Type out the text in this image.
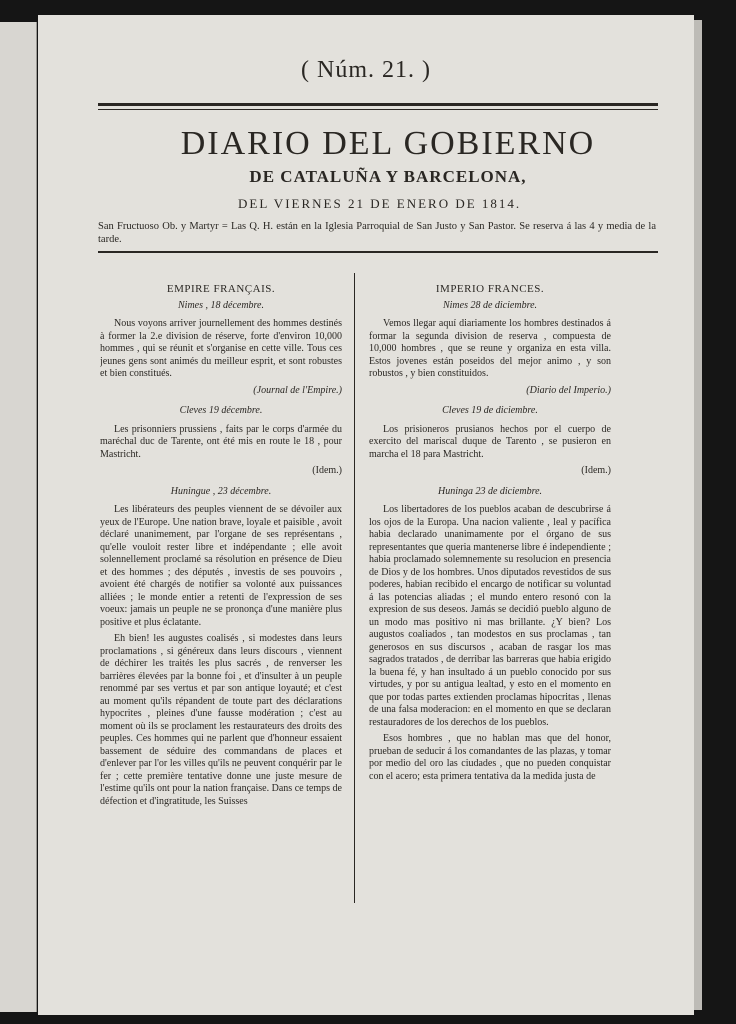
( Núm. 21. )
DIARIO DEL GOBIERNO
DE CATALUÑA Y BARCELONA,
DEL VIERNES 21 DE ENERO DE 1814.
San Fructuoso Ob. y Martyr = Las Q. H. están en la Iglesia Parroquial de San Justo y San Pastor. Se reserva á las 4 y media de la tarde.
EMPIRE FRANÇAIS.
Nimes , 18 décembre.

Nous voyons arriver journellement des hommes destinés à former la 2.e division de réserve, forte d'environ 10,000 hommes , qui se réunit et s'organise en cette ville. Tous ces jeunes gens sont animés du meilleur esprit, et sont robustes et bien constitués.

(Journal de l'Empire.)
Cleves 19 décembre.

Les prisonniers prussiens , faits par le corps d'armée du maréchal duc de Tarente, ont été mis en route le 18 , pour Mastricht.

(Idem.)
Huningue , 23 décembre.

Les libérateurs des peuples viennent de se dévoiler aux yeux de l'Europe. Une nation brave, loyale et paisible , avoit déclaré unanimement, par l'organe de ses représentans , qu'elle vouloit rester libre et indépendante ; elle avoit solennellement proclamé sa résolution en présence de Dieu et des hommes ; des députés , investis de ses pouvoirs , avoient été chargés de notifier sa volonté aux puissances alliées ; le monde entier a retenti de l'expression de ses voeux: jamais un peuple ne se prononça d'une manière plus positive et plus éclatante.

Eh bien! les augustes coalisés , si modestes dans leurs proclamations , si généreux dans leurs discours , viennent de déchirer les traités les plus sacrés , de renverser les barrières élevées par la bonne foi , et d'insulter à un peuple renommé par ses vertus et par son antique loyauté; et c'est au moment qu'ils répandent de toute part des déclarations hypocrites , pleines d'une fausse modération ; c'est au moment où ils se proclament les restaurateurs des droits des peuples. Ces hommes qui ne parlent que d'honneur essaient bassement de séduire des commandans de places et d'enlever par l'or les villes qu'ils ne peuvent conquérir par le fer ; cette première tentative donne une juste mesure de l'estime qu'ils ont pour la nation française. Dans ce temps de défection et d'ingratitude, les Suisses

IMPERIO FRANCES.
Nimes 28 de diciembre.

Vemos llegar aquí diariamente los hombres destinados á formar la segunda division de reserva , compuesta de 10,000 hombres , que se reune y organiza en esta villa. Estos jovenes están poseidos del mejor animo , y son robustos , y bien constituidos.

(Diario del Imperio.)
Cleves 19 de diciembre.

Los prisioneros prusianos hechos por el cuerpo de exercito del mariscal duque de Tarento , se pusieron en marcha el 18 para Mastricht.

(Idem.)
Huninga 23 de diciembre.

Los libertadores de los pueblos acaban de descubrirse á los ojos de la Europa. Una nacion valiente , leal y pacífica habia declarado unanimamente por el órgano de sus representantes que queria mantenerse libre é independiente ; habia proclamado solemnemente su resolucion en presencia de Dios y de los hombres. Unos diputados revestidos de sus poderes, habian recibido el encargo de notificar su voluntad á las potencias aliadas ; el mundo entero resonó con la expresion de sus deseos. Jamás se decidió pueblo alguno de un modo mas positivo ni mas brillante. ¿Y bien? Los augustos coaliados , tan modestos en sus proclamas , tan generosos en sus discursos , acaban de rasgar los mas sagrados tratados , de derribar las barreras que habia erigido la buena fé, y han insultado á un pueblo conocido por sus virtudes, y por su antigua lealtad, y esto en el momento en que por todas partes extienden proclamas hipocritas , llenas de una falsa moderacion: en el momento en que se declaran restauradores de los derechos de los pueblos.

Esos hombres , que no hablan mas que del honor, prueban de seducir á los comandantes de las plazas, y tomar por medio del oro las ciudades , que no pueden conquistar con el acero; esta primera tentativa da la medida justa de
